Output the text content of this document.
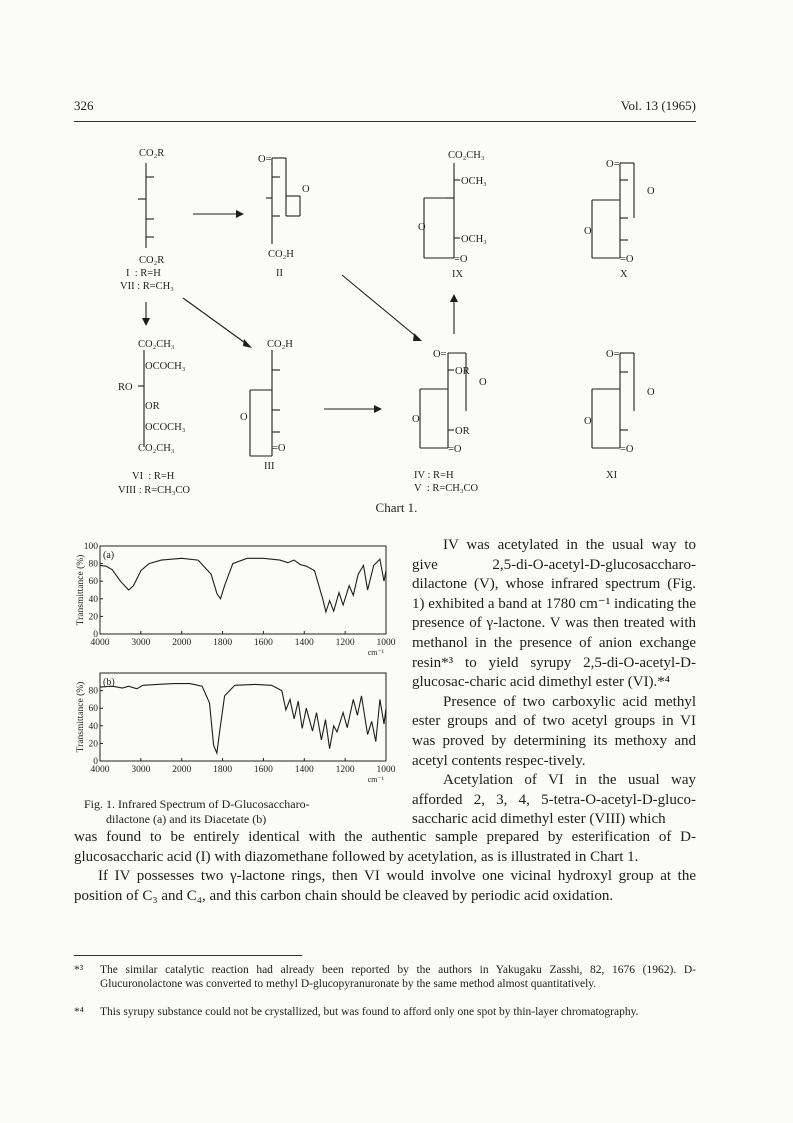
326	Vol. 13 (1965)
CO₂R
CO₂R
I : R=H
VII : R=CH₃
O=
O
CO₂H
II
CO₂CH₃
OCH₃
O
OCH₃
=O
IX
O=
O
O
=O
X
CO₂CH₃
OCOCH₃
RO
OR
OCOCH₃
CO₂CH₃
VI : R=H
VIII : R=CH₃CO
CO₂H
O
=O
III
O=
OR
O
O
OR
=O
IV : R=H
V : R=CH₃CO
O=
O
O
=O
XI
Chart 1.
0
20
40
60
80
100
4000 3000 2000 1800 1600 1400 1200 1000
cm⁻¹
(a)
Transmittance (%)
0
20
40
60
80
4000 3000 2000 1800 1600 1400 1200 1000
cm⁻¹
(b)
Transmittance (%)
Fig. 1. Infrared Spectrum of D-Glucosaccharo-
dilactone (a) and its Diacetate (b)

IV was acetylated in the usual way to give 2,5-di-O-acetyl-D-glucosaccharo-dilactone (V), whose infrared spectrum (Fig. 1) exhibited a band at 1780 cm⁻¹ indicating the presence of γ-lactone. V was then treated with methanol in the presence of anion exchange resin*³ to yield syrupy 2,5-di-O-acetyl-D-glucosac-charic acid dimethyl ester (VI).*⁴

Presence of two carboxylic acid methyl ester groups and of two acetyl groups in VI was proved by determining its methoxy and acetyl contents respec-tively.

Acetylation of VI in the usual way afforded 2, 3, 4, 5-tetra-O-acetyl-D-gluco-saccharic acid dimethyl ester (VIII) which

was found to be entirely identical with the authentic sample prepared by esterification of D-glucosaccharic acid (I) with diazomethane followed by acetylation, as is illustrated in Chart 1.

If IV possesses two γ-lactone rings, then VI would involve one vicinal hydroxyl group at the position of C₃ and C₄, and this carbon chain should be cleaved by periodic acid oxidation.

*³ The similar catalytic reaction had already been reported by the authors in Yakugaku Zasshi, 82, 1676 (1962). D-Glucuronolactone was converted to methyl D-glucopyranuronate by the same method almost quantitatively.
*⁴ This syrupy substance could not be crystallized, but was found to afford only one spot by thin-layer chromatography.
